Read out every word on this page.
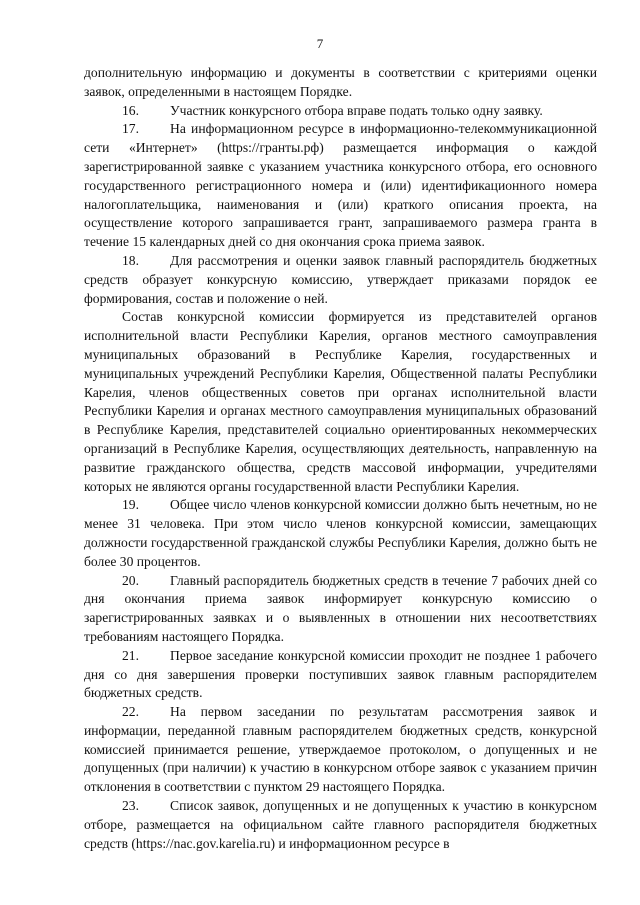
7

дополнительную информацию и документы в соответствии с критериями оценки заявок, определенными в настоящем Порядке.

16. Участник конкурсного отбора вправе подать только одну заявку.

17. На информационном ресурсе в информационно-телекоммуникационной сети «Интернет» (https://гранты.рф) размещается информация о каждой зарегистрированной заявке с указанием участника конкурсного отбора, его основного государственного регистрационного номера и (или) идентификационного номера налогоплательщика, наименования и (или) краткого описания проекта, на осуществление которого запрашивается грант, запрашиваемого размера гранта в течение 15 календарных дней со дня окончания срока приема заявок.

18. Для рассмотрения и оценки заявок главный распорядитель бюджетных средств образует конкурсную комиссию, утверждает приказами порядок ее формирования, состав и положение о ней.

Состав конкурсной комиссии формируется из представителей органов исполнительной власти Республики Карелия, органов местного самоуправления муниципальных образований в Республике Карелия, государственных и муниципальных учреждений Республики Карелия, Общественной палаты Республики Карелия, членов общественных советов при органах исполнительной власти Республики Карелия и органах местного самоуправления муниципальных образований в Республике Карелия, представителей социально ориентированных некоммерческих организаций в Республике Карелия, осуществляющих деятельность, направленную на развитие гражданского общества, средств массовой информации, учредителями которых не являются органы государственной власти Республики Карелия.

19. Общее число членов конкурсной комиссии должно быть нечетным, но не менее 31 человека. При этом число членов конкурсной комиссии, замещающих должности государственной гражданской службы Республики Карелия, должно быть не более 30 процентов.

20. Главный распорядитель бюджетных средств в течение 7 рабочих дней со дня окончания приема заявок информирует конкурсную комиссию о зарегистрированных заявках и о выявленных в отношении них несоответствиях требованиям настоящего Порядка.

21. Первое заседание конкурсной комиссии проходит не позднее 1 рабочего дня со дня завершения проверки поступивших заявок главным распорядителем бюджетных средств.

22. На первом заседании по результатам рассмотрения заявок и информации, переданной главным распорядителем бюджетных средств, конкурсной комиссией принимается решение, утверждаемое протоколом, о допущенных и не допущенных (при наличии) к участию в конкурсном отборе заявок с указанием причин отклонения в соответствии с пунктом 29 настоящего Порядка.

23. Список заявок, допущенных и не допущенных к участию в конкурсном отборе, размещается на официальном сайте главного распорядителя бюджетных средств (https://nac.gov.karelia.ru) и информационном ресурсе в
